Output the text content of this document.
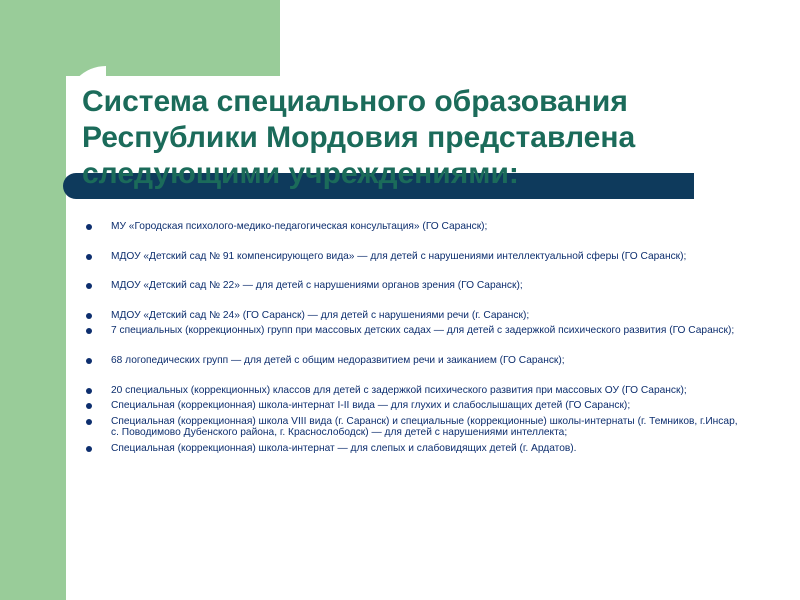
Система специального образования Республики Мордовия представлена следующими учреждениями:
МУ «Городская психолого-медико-педагогическая консультация» (ГО Саранск);
МДОУ «Детский сад № 91 компенсирующего вида» — для детей с нарушениями интеллектуальной сферы (ГО Саранск);
МДОУ «Детский сад № 22» — для детей с нарушениями органов зрения (ГО Саранск);
МДОУ «Детский сад № 24» (ГО Саранск) — для детей с нарушениями речи (г. Саранск);
7 специальных (коррекционных) групп при массовых детских садах — для детей с задержкой психического развития (ГО Саранск);
68 логопедических групп — для детей с общим недоразвитием речи и заиканием (ГО Саранск);
20 специальных (коррекционных) классов для детей с задержкой психического развития при массовых ОУ (ГО Саранск);
Специальная (коррекционная) школа-интернат I-II вида — для глухих и слабослышащих детей (ГО Саранск);
Специальная (коррекционная) школа VIII вида (г. Саранск) и специальные (коррекционные) школы-интернаты (г. Темников, г.Инсар, с. Поводимово Дубенского района, г. Краснослободск) — для детей с нарушениями интеллекта;
Специальная (коррекционная) школа-интернат — для слепых и слабовидящих детей (г. Ардатов).
